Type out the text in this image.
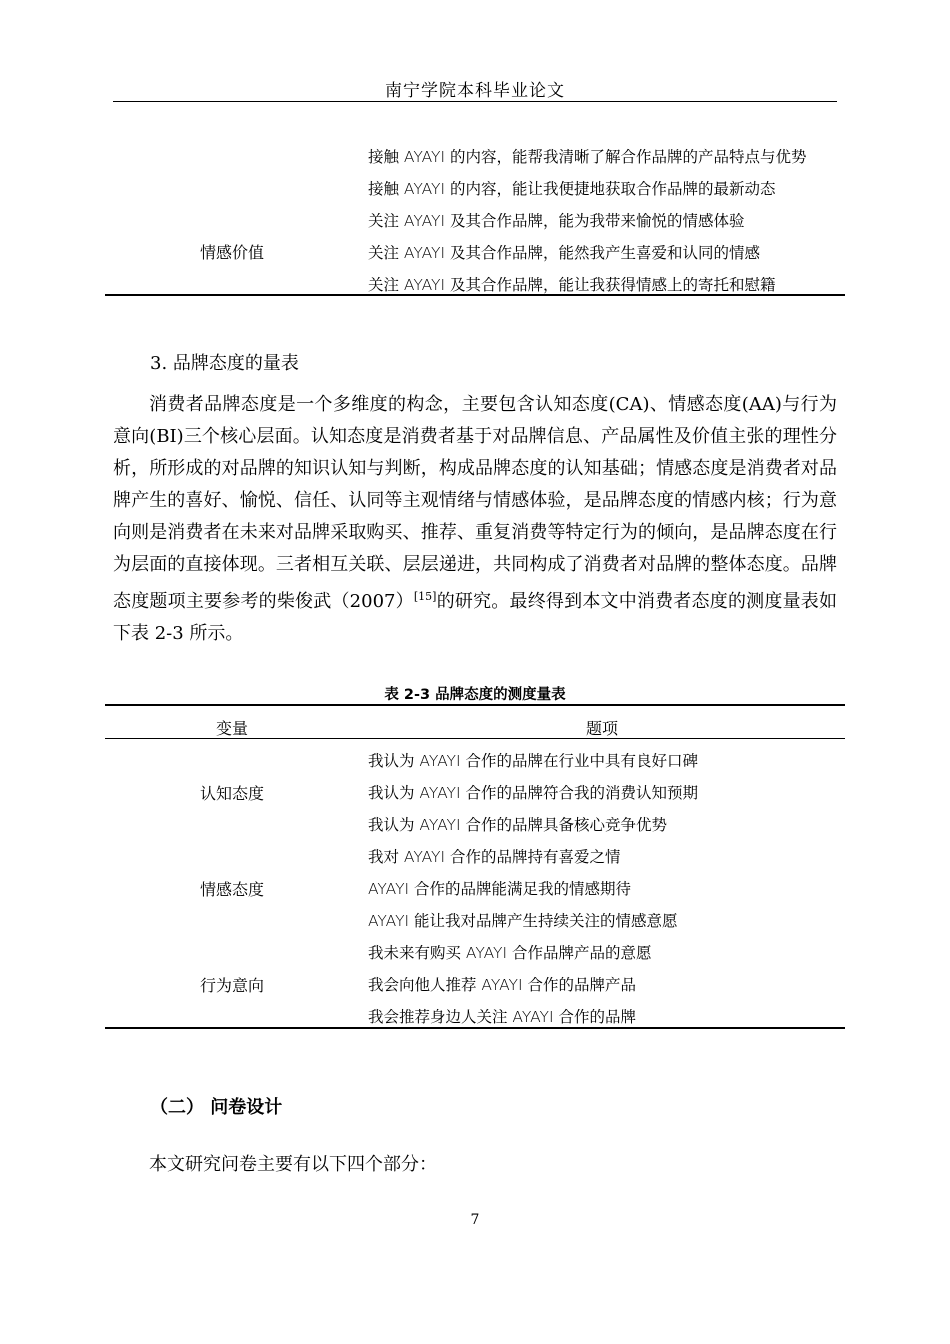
南宁学院本科毕业论文
接触 AYAYI 的内容，能帮我清晰了解合作品牌的产品特点与优势
接触 AYAYI 的内容，能让我便捷地获取合作品牌的最新动态
关注 AYAYI 及其合作品牌，能为我带来愉悦的情感体验
情感价值	关注 AYAYI 及其合作品牌，能然我产生喜爱和认同的情感
关注 AYAYI 及其合作品牌，能让我获得情感上的寄托和慰籍
3. 品牌态度的量表
消费者品牌态度是一个多维度的构念，主要包含认知态度(CA)、情感态度(AA)与行为意向(BI)三个核心层面。认知态度是消费者基于对品牌信息、产品属性及价值主张的理性分析，所形成的对品牌的知识认知与判断，构成品牌态度的认知基础；情感态度是消费者对品牌产生的喜好、愉悦、信任、认同等主观情绪与情感体验，是品牌态度的情感内核；行为意向则是消费者在未来对品牌采取购买、推荐、重复消费等特定行为的倾向，是品牌态度在行为层面的直接体现。三者相互关联、层层递进，共同构成了消费者对品牌的整体态度。品牌态度题项主要参考的柴俊武（2007）[15]的研究。最终得到本文中消费者态度的测度量表如下表 2-3 所示。
表 2-3 品牌态度的测度量表
变量	题项
我认为 AYAYI 合作的品牌在行业中具有良好口碑
认知态度	我认为 AYAYI 合作的品牌符合我的消费认知预期
我认为 AYAYI 合作的品牌具备核心竞争优势
我对 AYAYI 合作的品牌持有喜爱之情
情感态度	AYAYI 合作的品牌能满足我的情感期待
AYAYI 能让我对品牌产生持续关注的情感意愿
我未来有购买 AYAYI 合作品牌产品的意愿
行为意向	我会向他人推荐 AYAYI 合作的品牌产品
我会推荐身边人关注 AYAYI 合作的品牌
（二） 问卷设计
本文研究问卷主要有以下四个部分：
7
